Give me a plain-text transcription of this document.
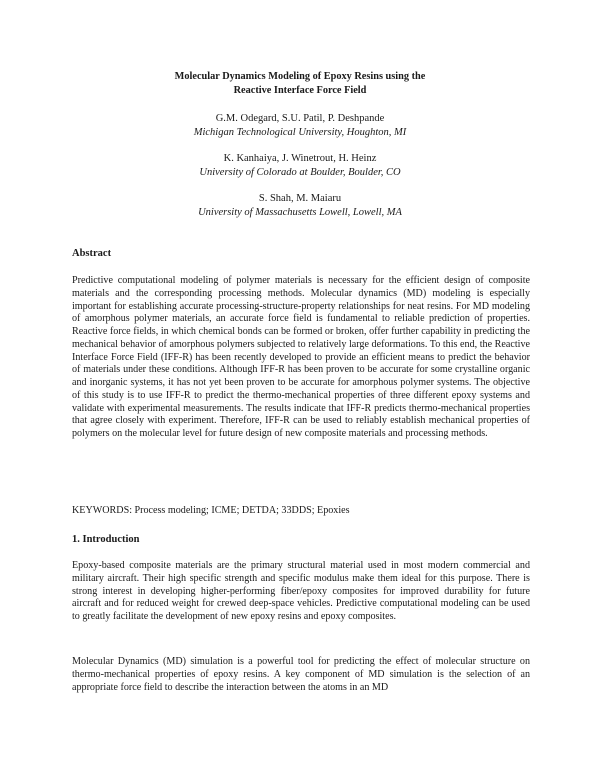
Molecular Dynamics Modeling of Epoxy Resins using the
Reactive Interface Force Field
G.M. Odegard, S.U. Patil, P. Deshpande
Michigan Technological University, Houghton, MI
K. Kanhaiya, J. Winetrout, H. Heinz
University of Colorado at Boulder, Boulder, CO
S. Shah, M. Maiaru
University of Massachusetts Lowell, Lowell, MA
Abstract
Predictive computational modeling of polymer materials is necessary for the efficient design of composite materials and the corresponding processing methods. Molecular dynamics (MD) modeling is especially important for establishing accurate processing-structure-property relationships for neat resins. For MD modeling of amorphous polymer materials, an accurate force field is fundamental to reliable prediction of properties. Reactive force fields, in which chemical bonds can be formed or broken, offer further capability in predicting the mechanical behavior of amorphous polymers subjected to relatively large deformations. To this end, the Reactive Interface Force Field (IFF-R) has been recently developed to provide an efficient means to predict the behavior of materials under these conditions. Although IFF-R has been proven to be accurate for some crystalline organic and inorganic systems, it has not yet been proven to be accurate for amorphous polymer systems. The objective of this study is to use IFF-R to predict the thermo-mechanical properties of three different epoxy systems and validate with experimental measurements. The results indicate that IFF-R predicts thermo-mechanical properties that agree closely with experiment. Therefore, IFF-R can be used to reliably establish mechanical properties of polymers on the molecular level for future design of new composite materials and processing methods.
KEYWORDS: Process modeling; ICME; DETDA; 33DDS; Epoxies
1. Introduction
Epoxy-based composite materials are the primary structural material used in most modern commercial and military aircraft. Their high specific strength and specific modulus make them ideal for this purpose. There is strong interest in developing higher-performing fiber/epoxy composites for improved durability for future aircraft and for reduced weight for crewed deep-space vehicles. Predictive computational modeling can be used to greatly facilitate the development of new epoxy resins and epoxy composites.
Molecular Dynamics (MD) simulation is a powerful tool for predicting the effect of molecular structure on thermo-mechanical properties of epoxy resins. A key component of MD simulation is the selection of an appropriate force field to describe the interaction between the atoms in an MD
